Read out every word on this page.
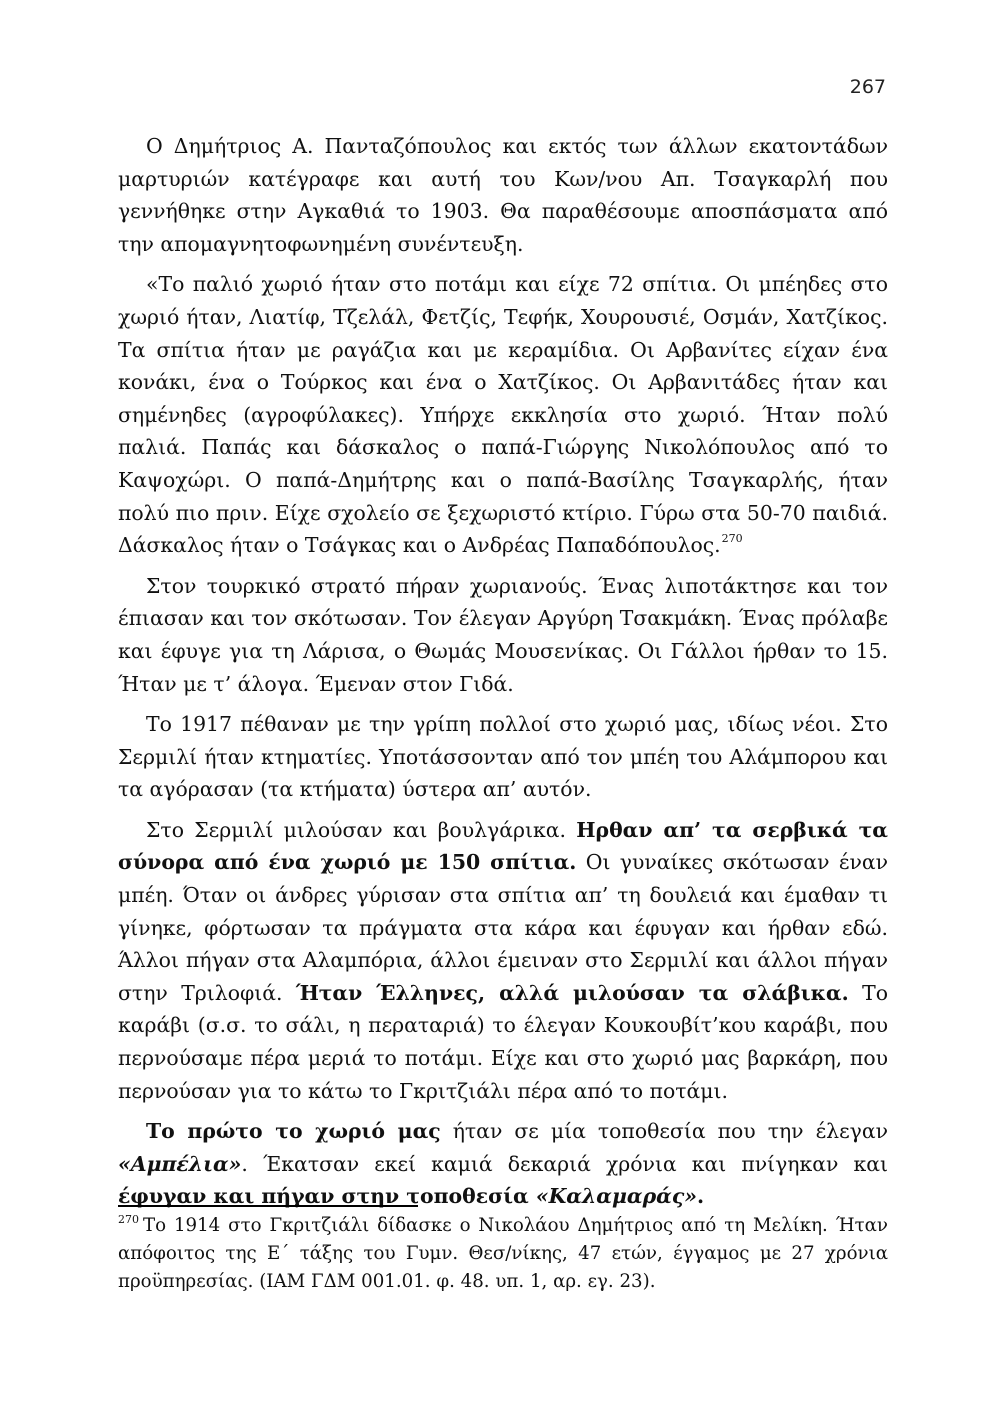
267

Ο Δημήτριος Α. Πανταζόπουλος και εκτός των άλλων εκατοντάδων μαρτυριών κατέγραφε και αυτή του Κων/νου Απ. Τσαγκαρλή που γεννήθηκε στην Αγκαθιά το 1903. Θα παραθέσουμε αποσπάσματα από την απομαγνητοφωνημένη συνέντευξη.

«Το παλιό χωριό ήταν στο ποτάμι και είχε 72 σπίτια. Οι μπέηδες στο χωριό ήταν, Λιατίφ, Τζελάλ, Φετζίς, Τεφήκ, Χουρουσιέ, Οσμάν, Χατζίκος. Τα σπίτια ήταν με ραγάζια και με κεραμίδια. Οι Αρβανίτες είχαν ένα κονάκι, ένα ο Τούρκος και ένα ο Χατζίκος. Οι Αρβανιτάδες ήταν και σημένηδες (αγροφύλακες). Υπήρχε εκκλησία στο χωριό. Ήταν πολύ παλιά. Παπάς και δάσκαλος ο παπά-Γιώργης Νικολόπουλος από το Καψοχώρι. Ο παπά-Δημήτρης και ο παπά-Βασίλης Τσαγκαρλής, ήταν πολύ πιο πριν. Είχε σχολείο σε ξεχωριστό κτίριο. Γύρω στα 50-70 παιδιά. Δάσκαλος ήταν ο Τσάγκας και ο Ανδρέας Παπαδόπουλος.$^{270}$

Στον τουρκικό στρατό πήραν χωριανούς. Ένας λιποτάκτησε και τον έπιασαν και τον σκότωσαν. Τον έλεγαν Αργύρη Τσακμάκη. Ένας πρόλαβε και έφυγε για τη Λάρισα, ο Θωμάς Μουσενίκας. Οι Γάλλοι ήρθαν το 15. Ήταν με τ’ άλογα. Έμεναν στον Γιδά.

Το 1917 πέθαναν με την γρίπη πολλοί στο χωριό μας, ιδίως νέοι. Στο Σερμιλί ήταν κτηματίες. Υποτάσσονταν από τον μπέη του Αλάμπορου και τα αγόρασαν (τα κτήματα) ύστερα απ’ αυτόν.

Στο Σερμιλί μιλούσαν και βουλγάρικα. Ηρθαν απ’ τα σερβικά τα σύνορα από ένα χωριό με 150 σπίτια. Οι γυναίκες σκότωσαν έναν μπέη. Όταν οι άνδρες γύρισαν στα σπίτια απ’ τη δουλειά και έμαθαν τι γίνηκε, φόρτωσαν τα πράγματα στα κάρα και έφυγαν και ήρθαν εδώ. Άλλοι πήγαν στα Αλαμπόρια, άλλοι έμειναν στο Σερμιλί και άλλοι πήγαν στην Τριλοφιά. Ήταν Έλληνες, αλλά μιλούσαν τα σλάβικα. Το καράβι (σ.σ. το σάλι, η περαταριά) το έλεγαν Κουκουβίτ’κου καράβι, που περνούσαμε πέρα μεριά το ποτάμι. Είχε και στο χωριό μας βαρκάρη, που περνούσαν για το κάτω το Γκριτζιάλι πέρα από το ποτάμι.

Το πρώτο το χωριό μας ήταν σε μία τοποθεσία που την έλεγαν «Αμπέλια». Έκατσαν εκεί καμιά δεκαριά χρόνια και πνίγηκαν και έφυγαν και πήγαν στην τοποθεσία «Καλαμαράς».

$^{270}$ Το 1914 στο Γκριτζιάλι δίδασκε ο Νικολάου Δημήτριος από τη Μελίκη. Ήταν απόφοιτος της Ε΄ τάξης του Γυμν. Θεσ/νίκης, 47 ετών, έγγαμος με 27 χρόνια προϋπηρεσίας. (ΙΑΜ ΓΔΜ 001.01. φ. 48. υπ. 1, αρ. εγ. 23).
